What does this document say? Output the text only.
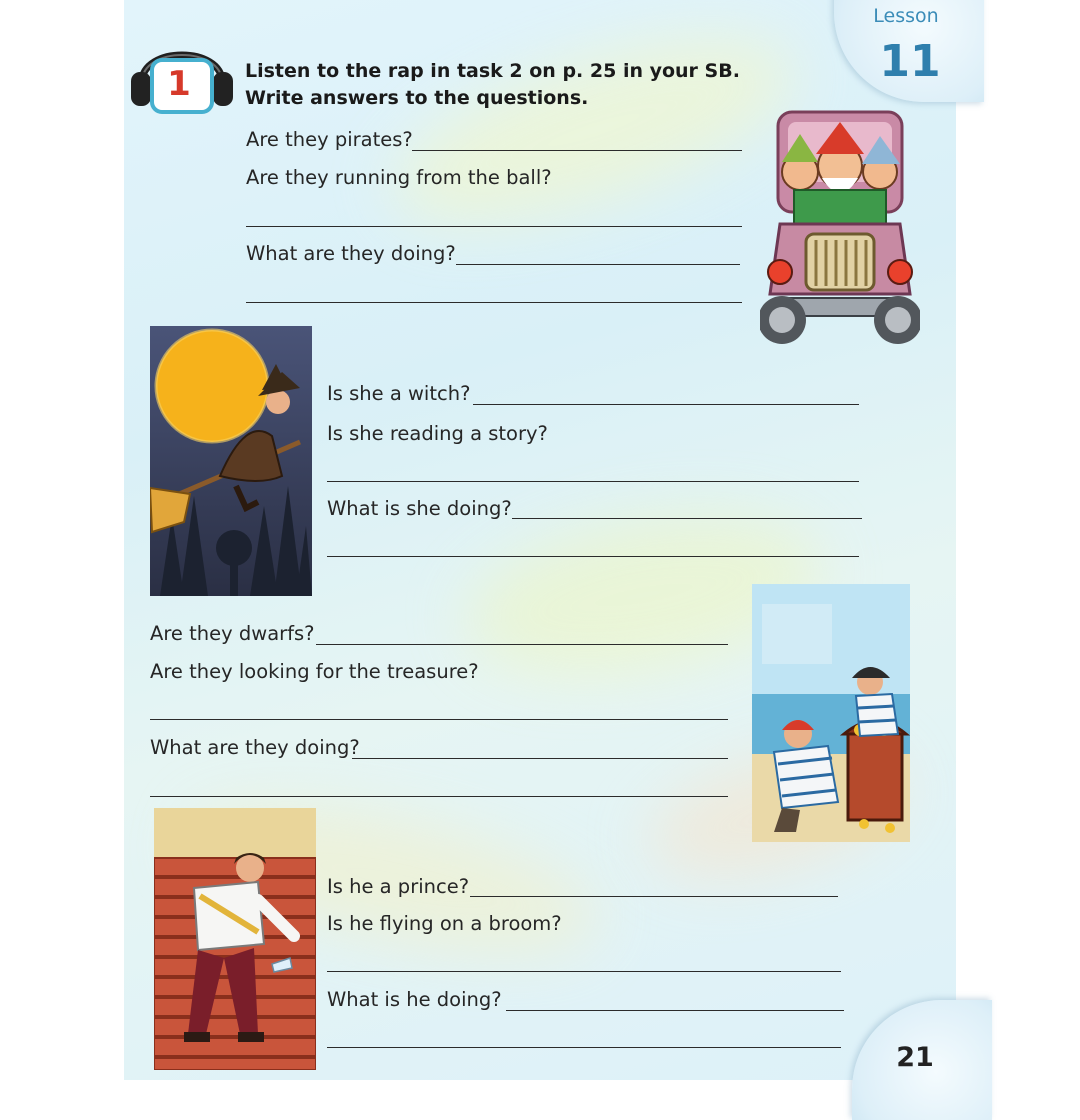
Lesson
11
1	Listen to the rap in task 2 on p. 25 in your SB.
Write answers to the questions.
Are they pirates?
Are they running from the ball?
What are they doing?
Is she a witch?
Is she reading a story?
What is she doing?
Are they dwarfs?
Are they looking for the treasure?
What are they doing?
Is he a prince?
Is he flying on a broom?
What is he doing?
21
